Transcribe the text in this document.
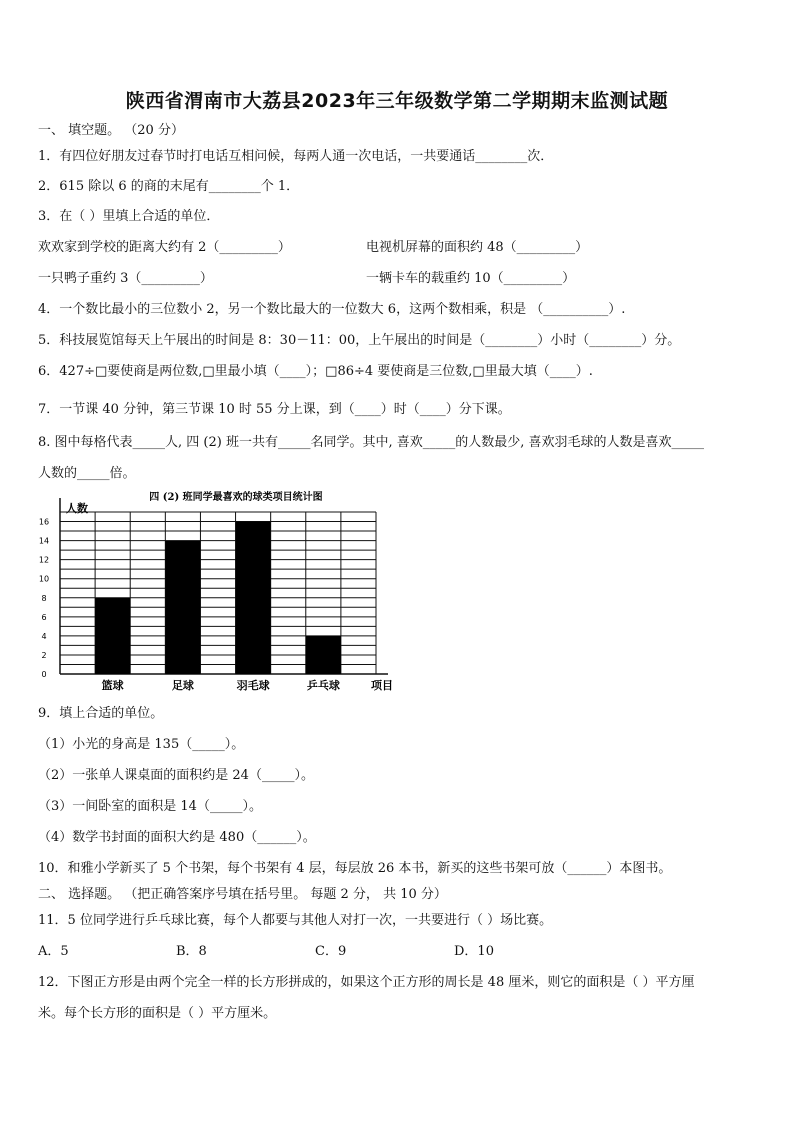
陕西省渭南市大荔县2023年三年级数学第二学期期末监测试题
一、 填空题。 （20 分）
1．有四位好朋友过春节时打电话互相问候，每两人通一次电话，一共要通话________次．
2．615 除以 6 的商的末尾有________个 1．
3．在（ ）里填上合适的单位．
欢欢家到学校的距离大约有 2（_________）	电视机屏幕的面积约 48（_________）
一只鸭子重约 3（_________）	一辆卡车的载重约 10（_________）
4．一个数比最小的三位数小 2，另一个数比最大的一位数大 6，这两个数相乘，积是 （__________）.
5．科技展览馆每天上午展出的时间是 8：30－11：00，上午展出的时间是（________）小时（________）分。
6．427÷□要使商是两位数,□里最小填（____）；□86÷4 要使商是三位数,□里最大填（____）.
7．一节课 40 分钟，第三节课 10 时 55 分上课，到（____）时（____）分下课。
8. 图中每格代表_____人, 四 (2) 班一共有_____名同学。其中, 喜欢_____的人数最少, 喜欢羽毛球的人数是喜欢_____
人数的_____倍。
9．填上合适的单位。
（1）小光的身高是 135（_____）。
（2）一张单人课桌面的面积约是 24（_____）。
（3）一间卧室的面积是 14（_____）。
（4）数学书封面的面积大约是 480（______）。
10．和雅小学新买了 5 个书架，每个书架有 4 层，每层放 26 本书，新买的这些书架可放（______）本图书。
二、 选择题。 （把正确答案序号填在括号里。 每题 2 分， 共 10 分）
11．5 位同学进行乒乓球比赛，每个人都要与其他人对打一次，一共要进行（ ）场比赛。
A．5	B．8	C．9	D．10
12．下图正方形是由两个完全一样的长方形拼成的，如果这个正方形的周长是 48 厘米，则它的面积是（ ）平方厘
米。每个长方形的面积是（ ）平方厘米。
0
2
4
6
8
10
12
14
16
篮球	足球	羽毛球	乒乓球
四 (2) 班同学最喜欢的球类项目统计图
人数
项目
